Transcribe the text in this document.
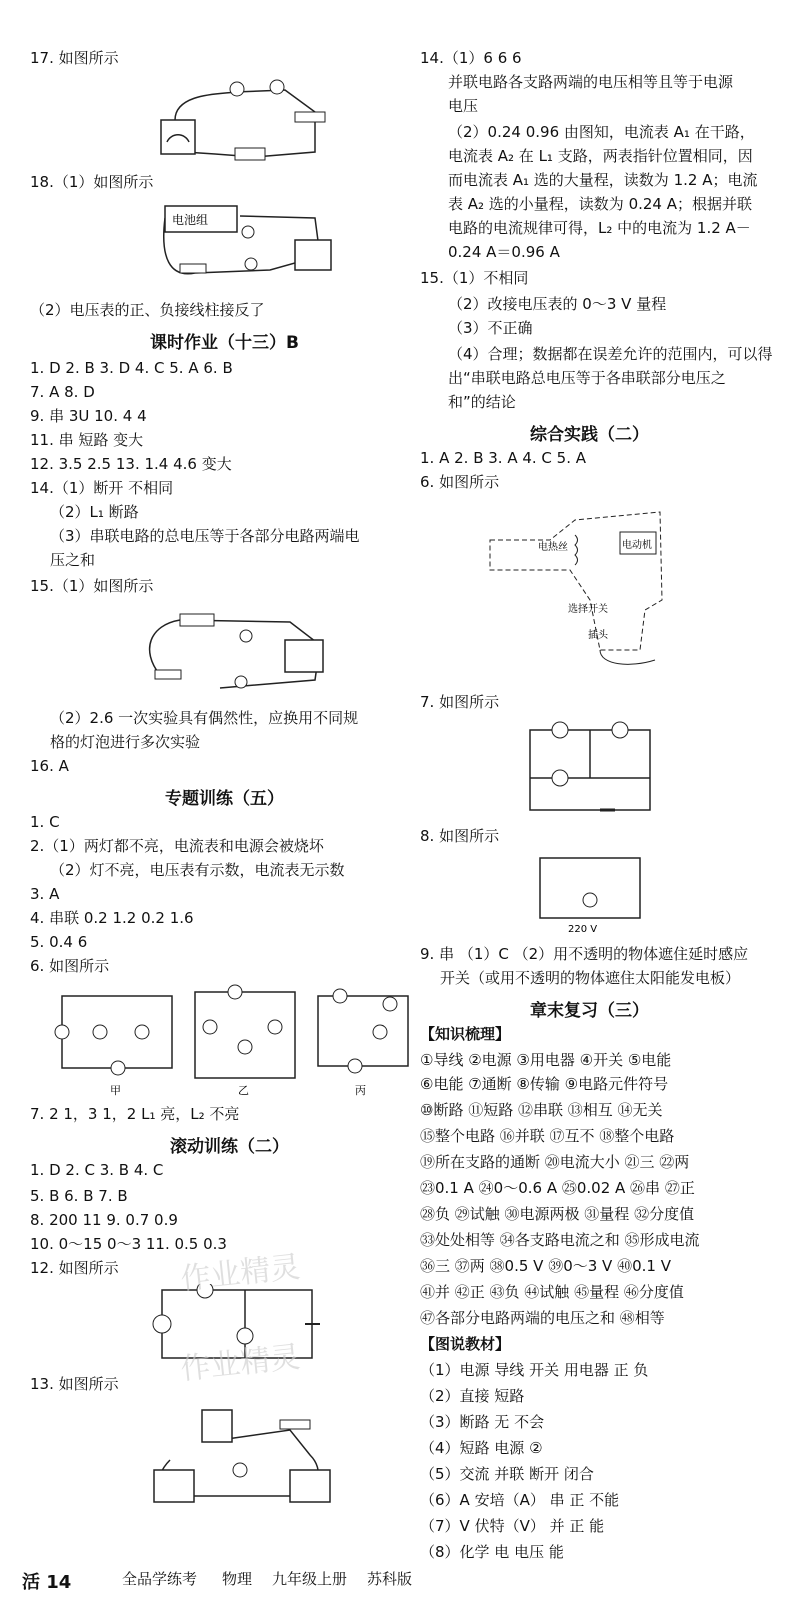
17. 如图所示
18.（1）如图所示
电池组
（2）电压表的正、负接线柱接反了
课时作业（十三）B
1. D 2. B 3. D 4. C 5. A 6. B
7. A 8. D
9. 串 3U 10. 4 4
11. 串 短路 变大
12. 3.5 2.5 13. 1.4 4.6 变大
14.（1）断开 不相同
（2）L₁ 断路
（3）串联电路的总电压等于各部分电路两端电
压之和
15.（1）如图所示
（2）2.6 一次实验具有偶然性，应换用不同规
格的灯泡进行多次实验
16. A
专题训练（五）
1. C
2.（1）两灯都不亮，电流表和电源会被烧坏
（2）灯不亮，电压表有示数，电流表无示数
3. A
4. 串联 0.2 1.2 0.2 1.6
5. 0.4 6
6. 如图所示
甲	乙	丙
7. 2 1，3 1，2 L₁ 亮，L₂ 不亮
滚动训练（二）
1. D 2. C 3. B 4. C
5. B 6. B 7. B
8. 200 11 9. 0.7 0.9
10. 0～15 0～3 11. 0.5 0.3
12. 如图所示
13. 如图所示
作业精灵
作业精灵
14.（1）6 6 6
并联电路各支路两端的电压相等且等于电源
电压
（2）0.24 0.96 由图知，电流表 A₁ 在干路，
电流表 A₂ 在 L₁ 支路，两表指针位置相同，因
而电流表 A₁ 选的大量程，读数为 1.2 A；电流
表 A₂ 选的小量程，读数为 0.24 A；根据并联
电路的电流规律可得，L₂ 中的电流为 1.2 A－
0.24 A＝0.96 A
15.（1）不相同
（2）改接电压表的 0～3 V 量程
（3）不正确
（4）合理；数据都在误差允许的范围内，可以得
出“串联电路总电压等于各串联部分电压之
和”的结论
综合实践（二）
1. A 2. B 3. A 4. C 5. A
6. 如图所示
电动机
电热丝
选择开关
插头
7. 如图所示
8. 如图所示
220 V
9. 串 （1）C （2）用不透明的物体遮住延时感应
开关（或用不透明的物体遮住太阳能发电板）
章末复习（三）
【知识梳理】
①导线 ②电源 ③用电器 ④开关 ⑤电能
⑥电能 ⑦通断 ⑧传输 ⑨电路元件符号
⑩断路 ⑪短路 ⑫串联 ⑬相互 ⑭无关
⑮整个电路 ⑯并联 ⑰互不 ⑱整个电路
⑲所在支路的通断 ⑳电流大小 ㉑三 ㉒两
㉓0.1 A ㉔0～0.6 A ㉕0.02 A ㉖串 ㉗正
㉘负 ㉙试触 ㉚电源两极 ㉛量程 ㉜分度值
㉝处处相等 ㉞各支路电流之和 ㉟形成电流
㊱三 ㊲两 ㊳0.5 V ㊴0～3 V ㊵0.1 V
㊶并 ㊷正 ㊸负 ㊹试触 ㊺量程 ㊻分度值
㊼各部分电路两端的电压之和 ㊽相等
【图说教材】
（1）电源 导线 开关 用电器 正 负
（2）直接 短路
（3）断路 无 不会
（4）短路 电源 ②
（5）交流 并联 断开 闭合
（6）A 安培（A） 串 正 不能
（7）V 伏特（V） 并 正 能
（8）化学 电 电压 能
活 14	全品学练考 物理 九年级上册 苏科版
